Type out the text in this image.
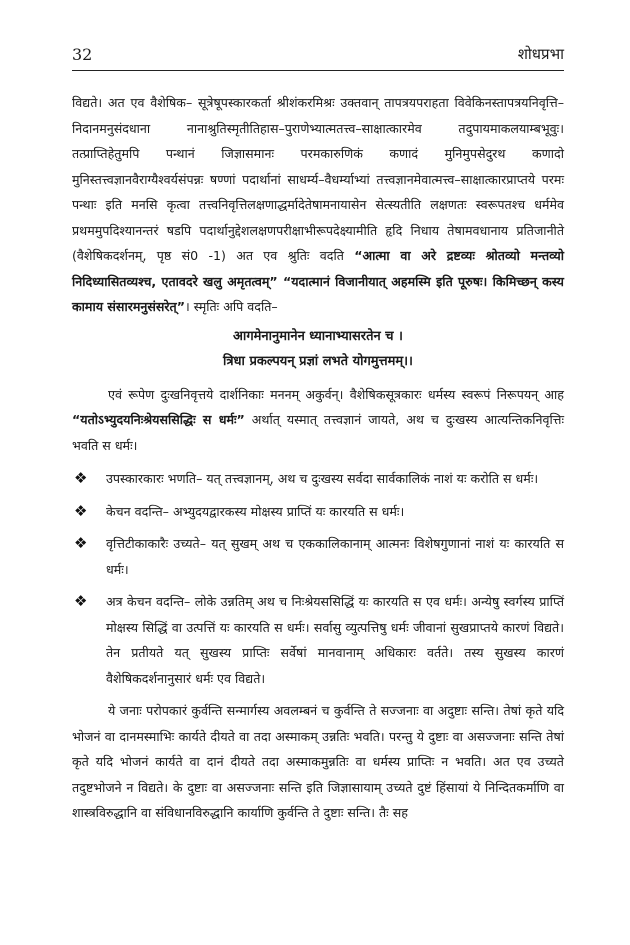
32	शोधप्रभा

विद्यते। अत एव वैशेषिक– सूत्रेषूपस्कारकर्ता श्रीशंकरमिश्रः उक्तवान् तापत्रयपराहता विवेकिनस्तापत्रयनिवृत्ति–निदानमनुसंदधाना नानाश्रुतिस्मृतीतिहास–पुराणेभ्यात्मतत्त्व–साक्षात्कारमेव तदुपायमाकलयाम्बभूवुः। तत्प्राप्तिहेतुमपि पन्थानं जिज्ञासमानः परमकारुणिकं कणादं मुनिमुपसेदुरथ कणादो मुनिस्तत्त्वज्ञानवैराग्यैश्वर्यसंपन्नः षण्णां पदार्थानां साधर्म्य–वैधर्म्याभ्यां तत्त्वज्ञानमेवात्मत्त्व–साक्षात्कारप्राप्तये परमः पन्थाः इति मनसि कृत्वा तत्त्वनिवृत्तिलक्षणाद्धर्मादेतेषामनायासेन सेत्स्यतीति लक्षणतः स्वरूपतश्च धर्ममेव प्रथममुपदिश्यानन्तरं षडपि पदार्थानुद्देशलक्षणपरीक्षाभीरूपदेक्ष्यामीति हृदि निधाय तेषामवधानाय प्रतिजानीते (वैशेषिकदर्शनम्, पृष्ठ सं0 -1) अत एव श्रुतिः वदति “आत्मा वा अरे द्रष्टव्यः श्रोतव्यो मन्तव्यो निदिध्यासितव्यश्च, एतावदरे खलु अमृतत्वम्” “यदात्मानं विजानीयात् अहमस्मि इति पूरुषः। किमिच्छन् कस्य कामाय संसारमनुसंसरेत्”। स्मृतिः अपि वदति–

आगमेनानुमानेन ध्यानाभ्यासरतेन च ।
त्रिधा प्रकल्पयन् प्रज्ञां लभते योगमुत्तमम्।।

एवं रूपेण दुःखनिवृत्तये दार्शनिकाः मननम् अकुर्वन्। वैशेषिकसूत्रकारः धर्मस्य स्वरूपं निरूपयन् आह “यतोऽभ्युदयनिःश्रेयससिद्धिः स धर्मः” अर्थात् यस्मात् तत्त्वज्ञानं जायते, अथ च दुःखस्य आत्यन्तिकनिवृत्तिः भवति स धर्मः।

❖ उपस्कारकारः भणति– यत् तत्त्वज्ञानम्, अथ च दुःखस्य सर्वदा सार्वकालिकं नाशं यः करोति स धर्मः।
❖ केचन वदन्ति– अभ्युदयद्वारकस्य मोक्षस्य प्राप्तिं यः कारयति स धर्मः।
❖ वृत्तिटीकाकारैः उच्यते– यत् सुखम् अथ च एककालिकानाम् आत्मनः विशेषगुणानां नाशं यः कारयति स धर्मः।
❖ अत्र केचन वदन्ति– लोके उन्नतिम् अथ च निःश्रेयससिद्धिं यः कारयति स एव धर्मः। अन्येषु स्वर्गस्य प्राप्तिं मोक्षस्य सिद्धिं वा उत्पत्तिं यः कारयति स धर्मः। सर्वासु व्युत्पत्तिषु धर्मः जीवानां सुखप्राप्तये कारणं विद्यते। तेन प्रतीयते यत् सुखस्य प्राप्तिः सर्वेषां मानवानाम् अधिकारः वर्तते। तस्य सुखस्य कारणं वैशेषिकदर्शनानुसारं धर्मः एव विद्यते।

ये जनाः परोपकारं कुर्वन्ति सन्मार्गस्य अवलम्बनं च कुर्वन्ति ते सज्जनाः वा अदुष्टाः सन्ति। तेषां कृते यदि भोजनं वा दानमस्माभिः कार्यते दीयते वा तदा अस्माकम् उन्नतिः भवति। परन्तु ये दुष्टाः वा असज्जनाः सन्ति तेषां कृते यदि भोजनं कार्यते वा दानं दीयते तदा अस्माकमुन्नतिः वा धर्मस्य प्राप्तिः न भवति। अत एव उच्यते तदुष्टभोजने न विद्यते। के दुष्टाः वा असज्जनाः सन्ति इति जिज्ञासायाम् उच्यते दुष्टं हिंसायां ये निन्दितकर्माणि वा शास्त्रविरुद्धानि वा संविधानविरुद्धानि कार्याणि कुर्वन्ति ते दुष्टाः सन्ति। तैः सह
